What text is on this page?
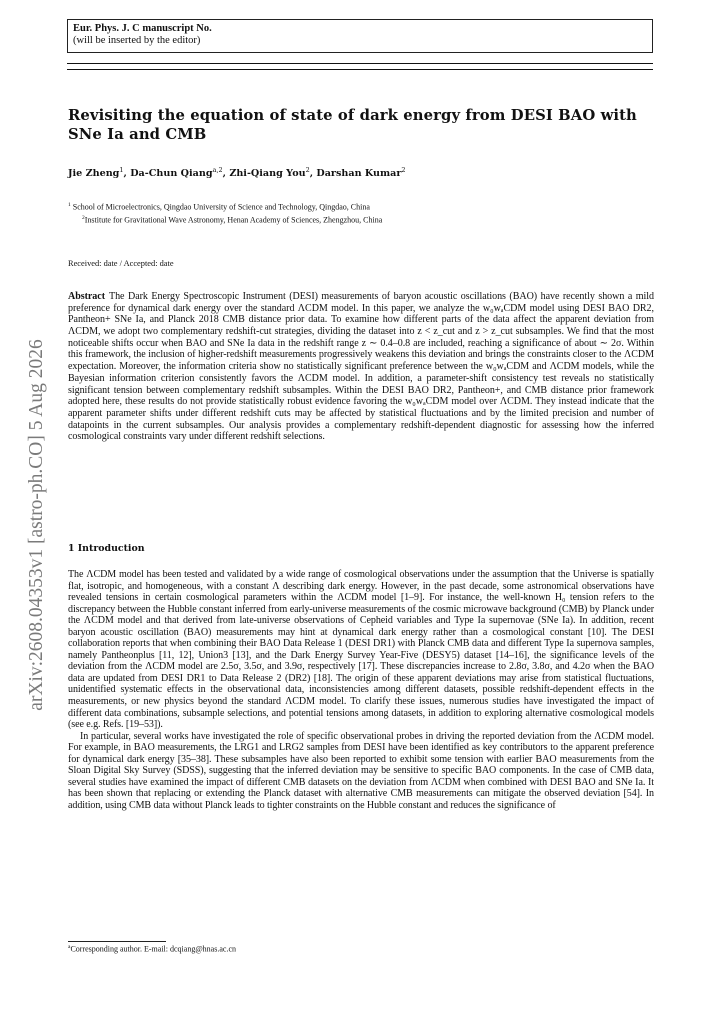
arXiv:2608.04353v1 [astro-ph.CO] 5 Aug 2026
Eur. Phys. J. C manuscript No.
(will be inserted by the editor)
Revisiting the equation of state of dark energy from DESI BAO with SNe Ia and CMB
Jie Zheng$^1$, Da-Chun Qiang$^{a,2}$, Zhi-Qiang You$^2$, Darshan Kumar$^2$
$^1$ School of Microelectronics, Qingdao University of Science and Technology, Qingdao, China
$^2$Institute for Gravitational Wave Astronomy, Henan Academy of Sciences, Zhengzhou, China
Received: date / Accepted: date
Abstract The Dark Energy Spectroscopic Instrument (DESI) measurements of baryon acoustic oscillations (BAO) have recently shown a mild preference for dynamical dark energy over the standard ΛCDM model. In this paper, we analyze the w₀wₐCDM model using DESI BAO DR2, Pantheon+ SNe Ia, and Planck 2018 CMB distance prior data. To examine how different parts of the data affect the apparent deviation from ΛCDM, we adopt two complementary redshift-cut strategies, dividing the dataset into z < z_cut and z > z_cut subsamples. We find that the most noticeable shifts occur when BAO and SNe Ia data in the redshift range z ∼ 0.4–0.8 are included, reaching a significance of about ∼ 2σ. Within this framework, the inclusion of higher-redshift measurements progressively weakens this deviation and brings the constraints closer to the ΛCDM expectation. Moreover, the information criteria show no statistically significant preference between the w₀wₐCDM and ΛCDM models, while the Bayesian information criterion consistently favors the ΛCDM model. In addition, a parameter-shift consistency test reveals no statistically significant tension between complementary redshift subsamples. Within the DESI BAO DR2, Pantheon+, and CMB distance prior framework adopted here, these results do not provide statistically robust evidence favoring the w₀wₐCDM model over ΛCDM. They instead indicate that the apparent parameter shifts under different redshift cuts may be affected by statistical fluctuations and by the limited precision and number of datapoints in the current subsamples. Our analysis provides a complementary redshift-dependent diagnostic for assessing how the inferred cosmological constraints vary under different redshift selections.
1 Introduction

The ΛCDM model has been tested and validated by a wide range of cosmological observations under the assumption that the Universe is spatially flat, isotropic, and homogeneous, with a constant Λ describing dark energy. However, in the past decade, some astronomical observations have revealed tensions in certain cosmological parameters within the ΛCDM model [1–9]. For instance, the well-known H₀ tension refers to the discrepancy between the Hubble constant inferred from early-universe measurements of the cosmic microwave background (CMB) by Planck under the ΛCDM model and that derived from late-universe observations of Cepheid variables and Type Ia supernovae (SNe Ia). In addition, recent baryon acoustic oscillation (BAO) measurements may hint at dynamical dark energy rather than a cosmological constant [10]. The DESI collaboration reports that when combining their BAO Data Release 1 (DESI DR1) with Planck CMB data and different Type Ia supernova samples, namely Pantheonplus [11, 12], Union3 [13], and the Dark Energy Survey Year-Five (DESY5) dataset [14–16], the significance levels of the deviation from the ΛCDM model are 2.5σ, 3.5σ, and 3.9σ, respectively [17]. These discrepancies increase to 2.8σ, 3.8σ, and 4.2σ when the BAO data are updated from DESI DR1 to Data Release 2 (DR2) [18]. The origin of these apparent deviations may arise from statistical fluctuations, unidentified systematic effects in the observational data, inconsistencies among different datasets, possible redshift-dependent effects in the measurements, or new physics beyond the standard ΛCDM model. To clarify these issues, numerous studies have investigated the impact of different data combinations, subsample selections, and potential tensions among datasets, in addition to exploring alternative cosmological models (see e.g. Refs. [19–53]).

In particular, several works have investigated the role of specific observational probes in driving the reported deviation from the ΛCDM model. For example, in BAO measurements, the LRG1 and LRG2 samples from DESI have been identified as key contributors to the apparent preference for dynamical dark energy [35–38]. These subsamples have also been reported to exhibit some tension with earlier BAO measurements from the Sloan Digital Sky Survey (SDSS), suggesting that the inferred deviation may be sensitive to specific BAO components. In the case of CMB data, several studies have examined the impact of different CMB datasets on the deviation from ΛCDM when combined with DESI BAO and SNe Ia. It has been shown that replacing or extending the Planck dataset with alternative CMB measurements can mitigate the observed deviation [54]. In addition, using CMB data without Planck leads to tighter constraints on the Hubble constant and reduces the significance of

$^a$Corresponding author. E-mail: dcqiang@hnas.ac.cn
